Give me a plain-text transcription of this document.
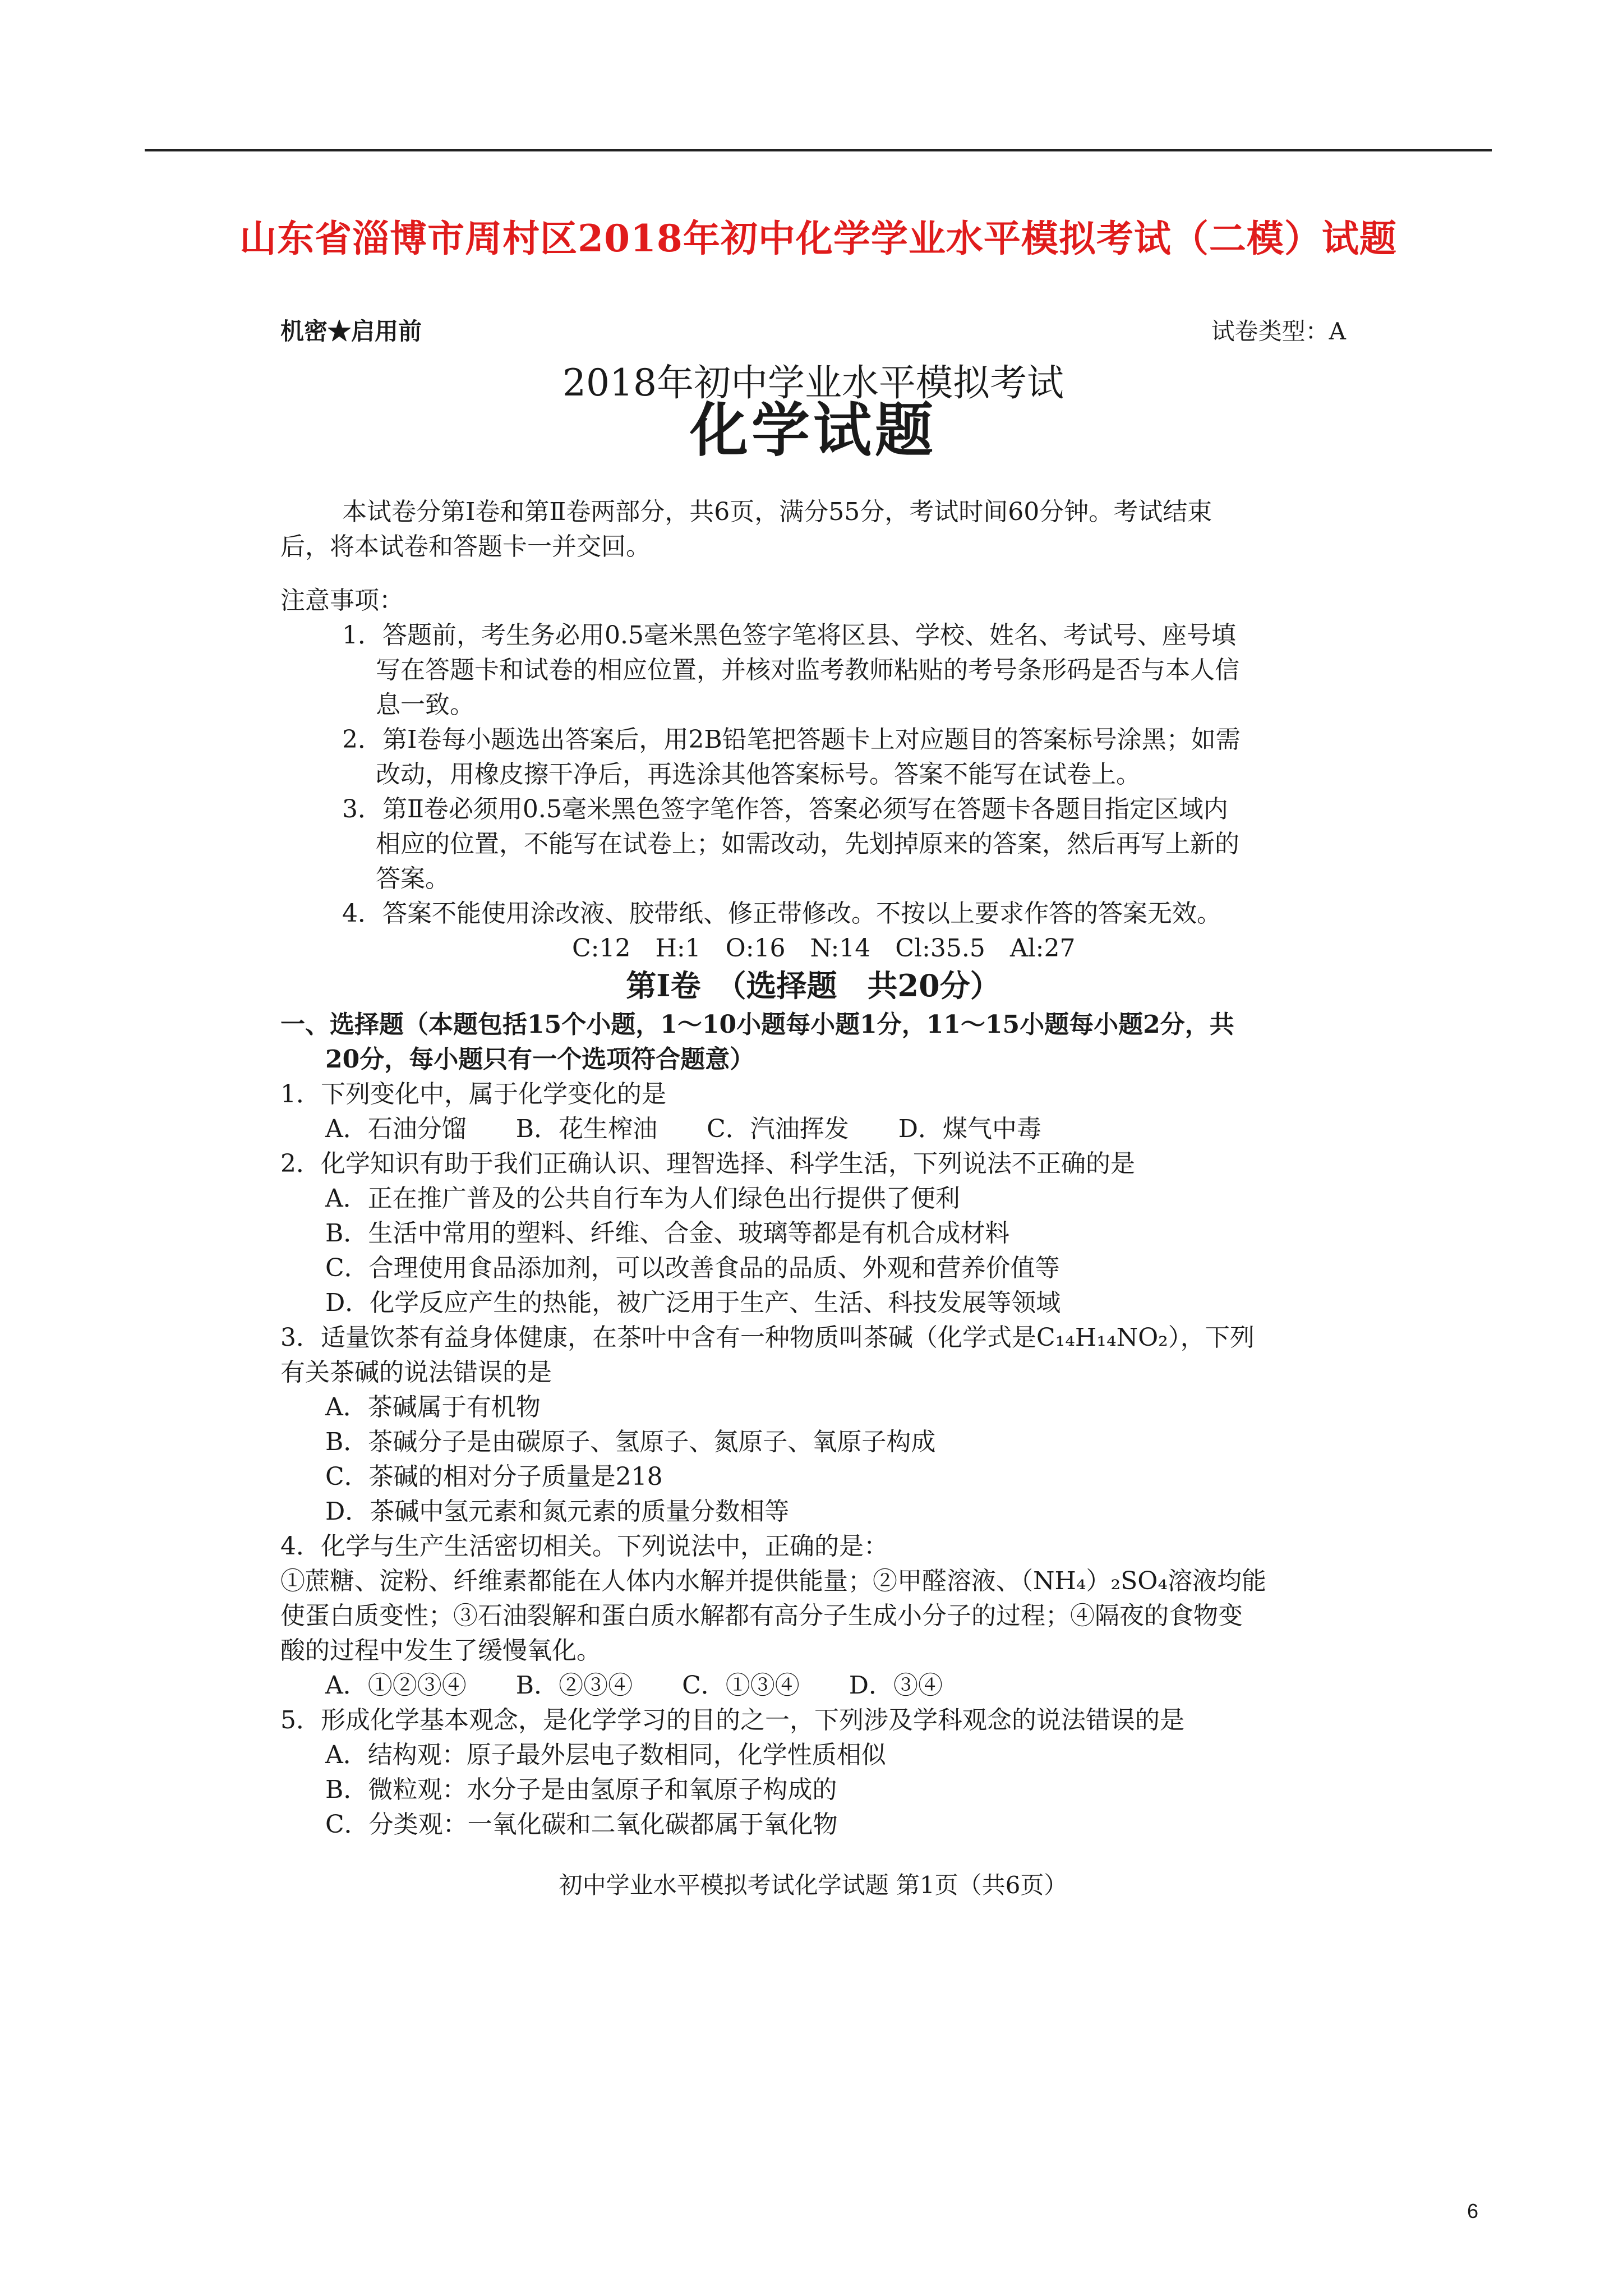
山东省淄博市周村区2018年初中化学学业水平模拟考试（二模）试题
机密★启用前	试卷类型：A
2018年初中学业水平模拟考试
化学试题
本试卷分第Ⅰ卷和第Ⅱ卷两部分，共6页，满分55分，考试时间60分钟。考试结束
后，将本试卷和答题卡一并交回。
注意事项：
1．答题前，考生务必用0.5毫米黑色签字笔将区县、学校、姓名、考试号、座号填
写在答题卡和试卷的相应位置，并核对监考教师粘贴的考号条形码是否与本人信
息一致。
2．第Ⅰ卷每小题选出答案后，用2B铅笔把答题卡上对应题目的答案标号涂黑；如需
改动，用橡皮擦干净后，再选涂其他答案标号。答案不能写在试卷上。
3．第Ⅱ卷必须用0.5毫米黑色签字笔作答，答案必须写在答题卡各题目指定区域内
相应的位置，不能写在试卷上；如需改动，先划掉原来的答案，然后再写上新的
答案。
4．答案不能使用涂改液、胶带纸、修正带修改。不按以上要求作答的答案无效。
C:12　H:1　O:16　N:14　Cl:35.5　Al:27
第Ⅰ卷　（选择题　共20分）
一、选择题（本题包括15个小题，1～10小题每小题1分，11～15小题每小题2分，共
20分，每小题只有一个选项符合题意）
1．下列变化中，属于化学变化的是
A．石油分馏　　B．花生榨油　　C．汽油挥发　　D．煤气中毒
2．化学知识有助于我们正确认识、理智选择、科学生活，下列说法不正确的是
A．正在推广普及的公共自行车为人们绿色出行提供了便利
B．生活中常用的塑料、纤维、合金、玻璃等都是有机合成材料
C．合理使用食品添加剂，可以改善食品的品质、外观和营养价值等
D．化学反应产生的热能，被广泛用于生产、生活、科技发展等领域
3．适量饮茶有益身体健康，在茶叶中含有一种物质叫茶碱（化学式是C₁₄H₁₄NO₂），下列
有关茶碱的说法错误的是
A．茶碱属于有机物
B．茶碱分子是由碳原子、氢原子、氮原子、氧原子构成
C．茶碱的相对分子质量是218
D．茶碱中氢元素和氮元素的质量分数相等
4．化学与生产生活密切相关。下列说法中，正确的是：
①蔗糖、淀粉、纤维素都能在人体内水解并提供能量；②甲醛溶液、（NH₄）₂SO₄溶液均能
使蛋白质变性；③石油裂解和蛋白质水解都有高分子生成小分子的过程；④隔夜的食物变
酸的过程中发生了缓慢氧化。
A．①②③④　　B．②③④　　C．①③④　　D．③④
5．形成化学基本观念，是化学学习的目的之一，下列涉及学科观念的说法错误的是
A．结构观：原子最外层电子数相同，化学性质相似
B．微粒观：水分子是由氢原子和氧原子构成的
C．分类观：一氧化碳和二氧化碳都属于氧化物
初中学业水平模拟考试化学试题 第1页（共6页）
6
